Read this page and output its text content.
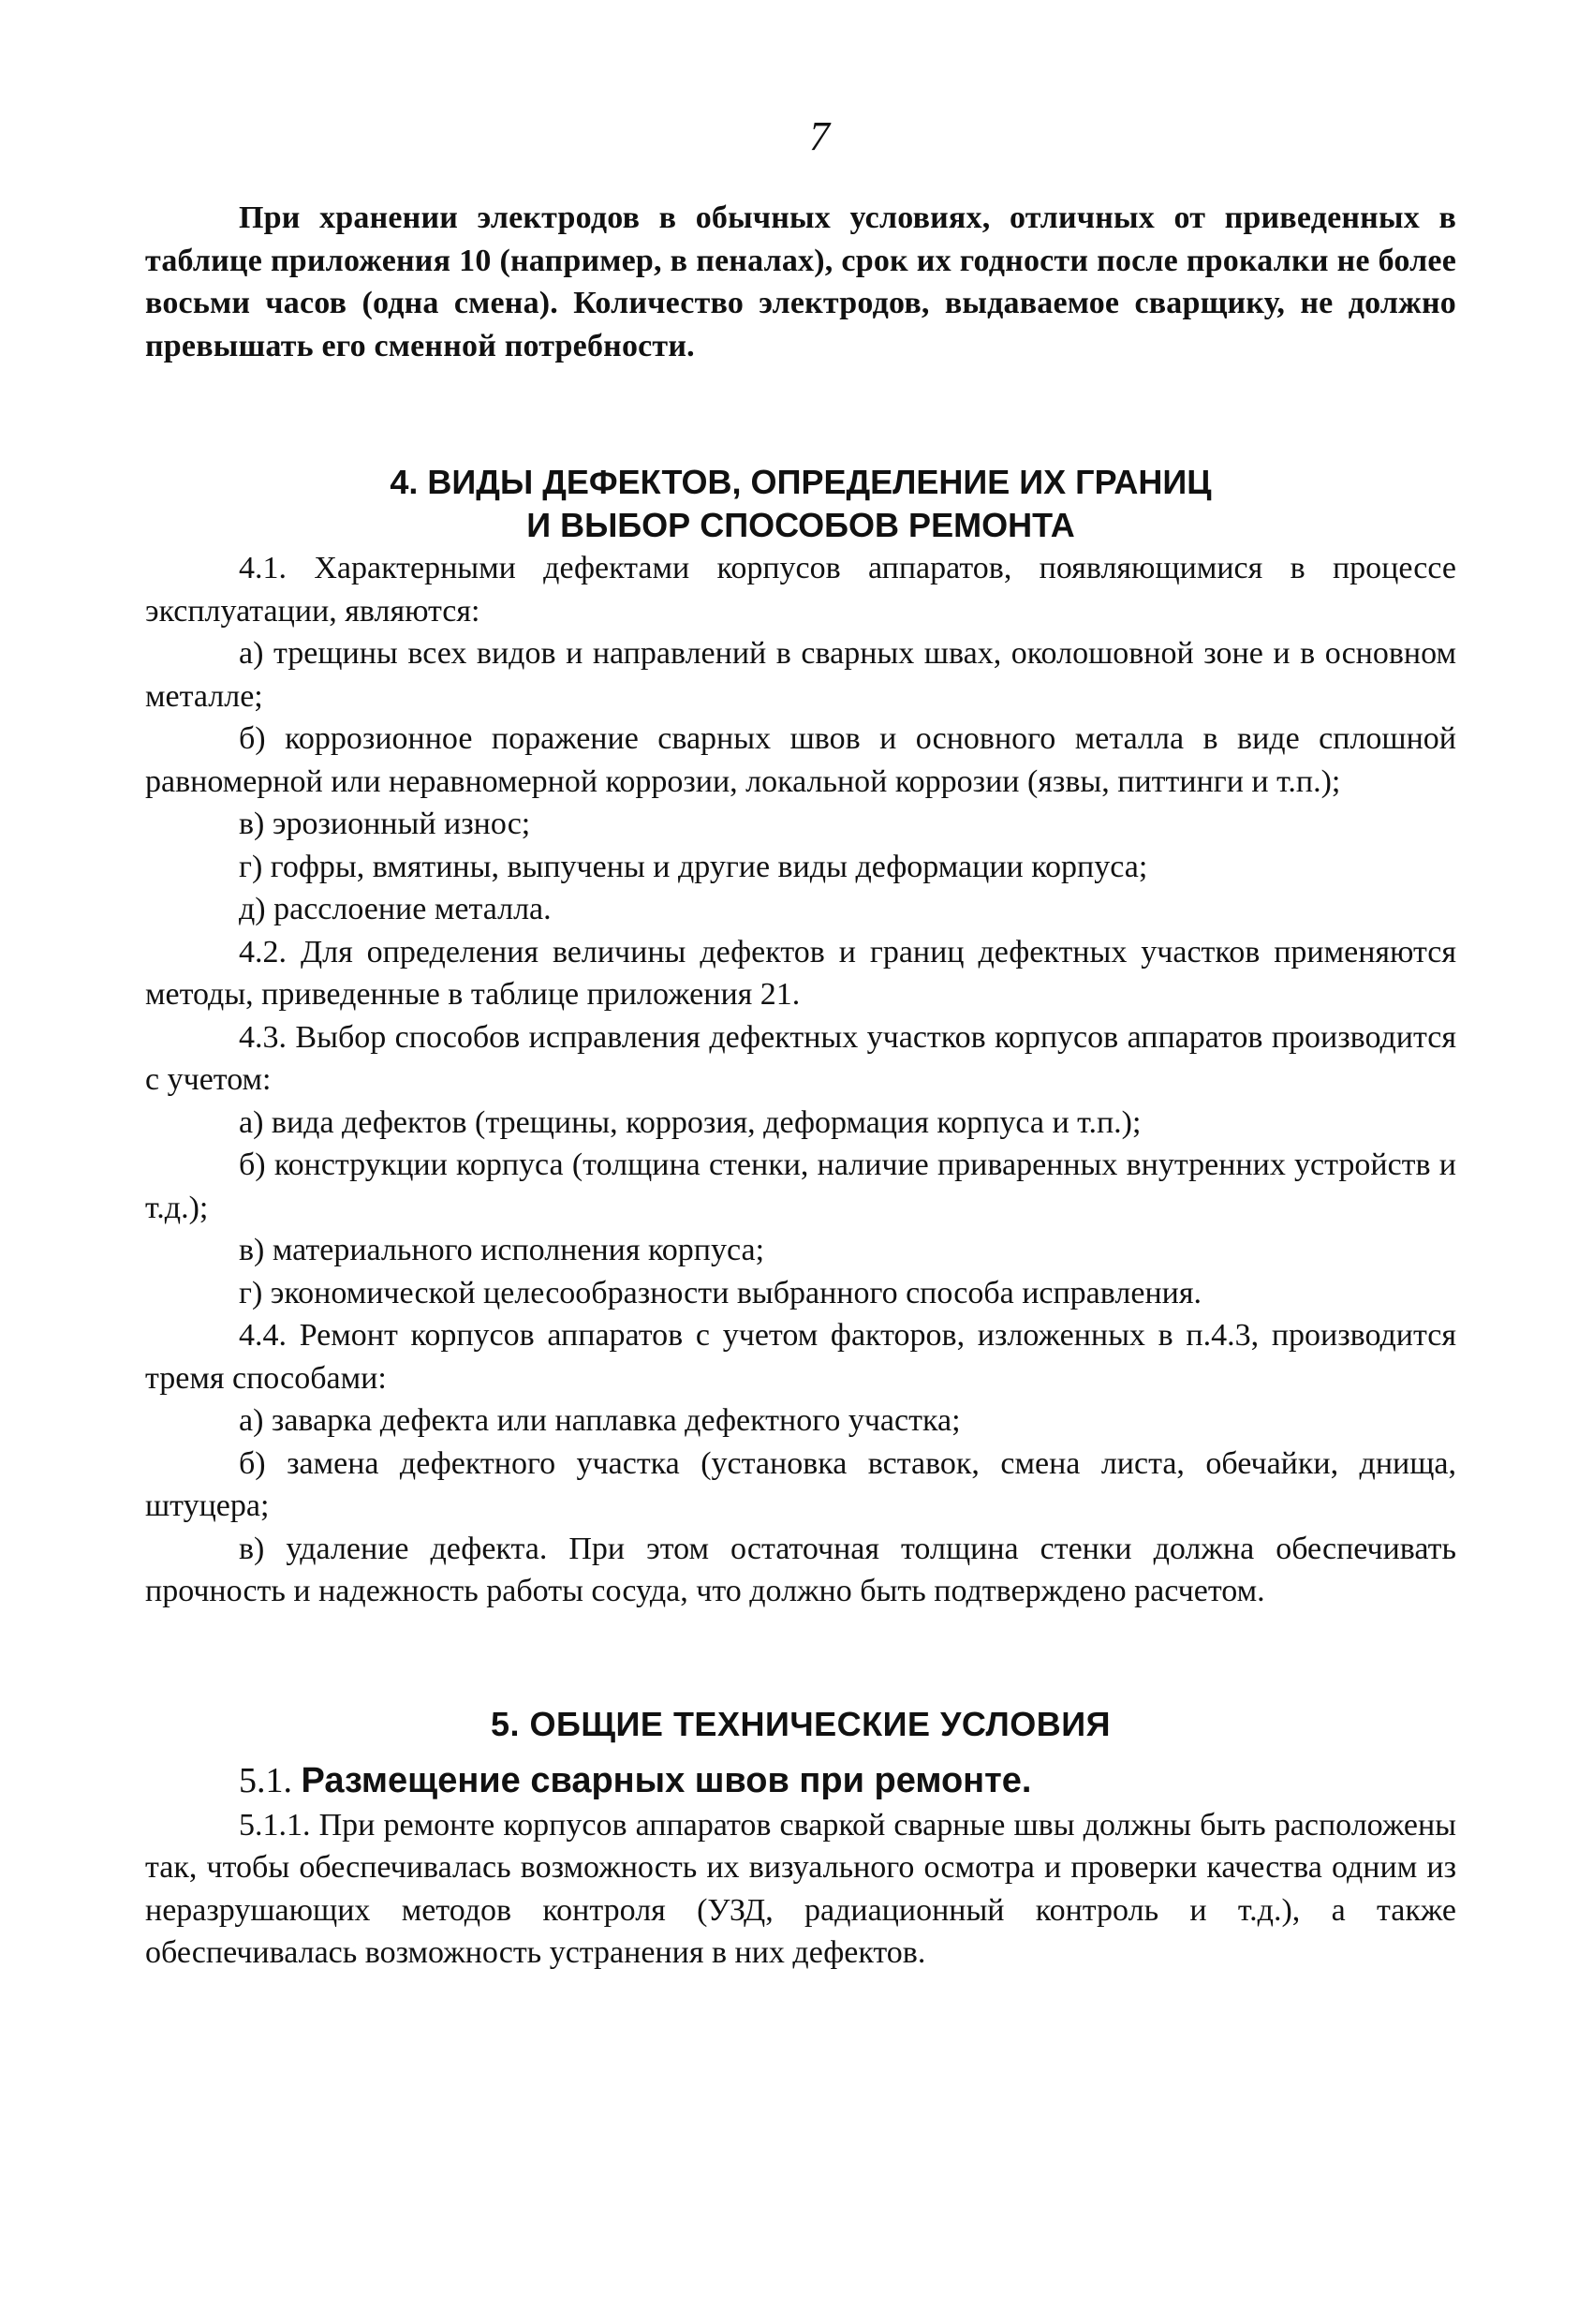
7

При хранении электродов в обычных условиях, отличных от приведенных в таблице приложения 10 (например, в пеналах), срок их годности после прокалки не более восьми часов (одна смена). Количество электродов, выдаваемое сварщику, не должно превышать его сменной потребности.

4. ВИДЫ ДЕФЕКТОВ, ОПРЕДЕЛЕНИЕ ИХ ГРАНИЦ
И ВЫБОР СПОСОБОВ РЕМОНТА

4.1. Характерными дефектами корпусов аппаратов, появляющимися в процессе эксплуатации, являются:

а) трещины всех видов и направлений в сварных швах, околошовной зоне и в основном металле;

б) коррозионное поражение сварных швов и основного металла в виде сплошной равномерной или неравномерной коррозии, локальной коррозии (язвы, питтинги и т.п.);

в) эрозионный износ;

г) гофры, вмятины, выпучены и другие виды деформации корпуса;

д) расслоение металла.

4.2. Для определения величины дефектов и границ дефектных участков применяются методы, приведенные в таблице приложения 21.

4.3. Выбор способов исправления дефектных участков корпусов аппаратов производится с учетом:

а) вида дефектов (трещины, коррозия, деформация корпуса и т.п.);

б) конструкции корпуса (толщина стенки, наличие приваренных внутренних устройств и т.д.);

в) материального исполнения корпуса;

г) экономической целесообразности выбранного способа исправления.

4.4. Ремонт корпусов аппаратов с учетом факторов, изложенных в п.4.3, производится тремя способами:

а) заварка дефекта или наплавка дефектного участка;

б) замена дефектного участка (установка вставок, смена листа, обечайки, днища, штуцера;

в) удаление дефекта. При этом остаточная толщина стенки должна обеспечивать прочность и надежность работы сосуда, что должно быть подтверждено расчетом.

5. ОБЩИЕ ТЕХНИЧЕСКИЕ УСЛОВИЯ

5.1. Размещение сварных швов при ремонте.

5.1.1. При ремонте корпусов аппаратов сваркой сварные швы должны быть расположены так, чтобы обеспечивалась возможность их визуального осмотра и проверки качества одним из неразрушающих методов контроля (УЗД, радиационный контроль и т.д.), а также обеспечивалась возможность устранения в них дефектов.
